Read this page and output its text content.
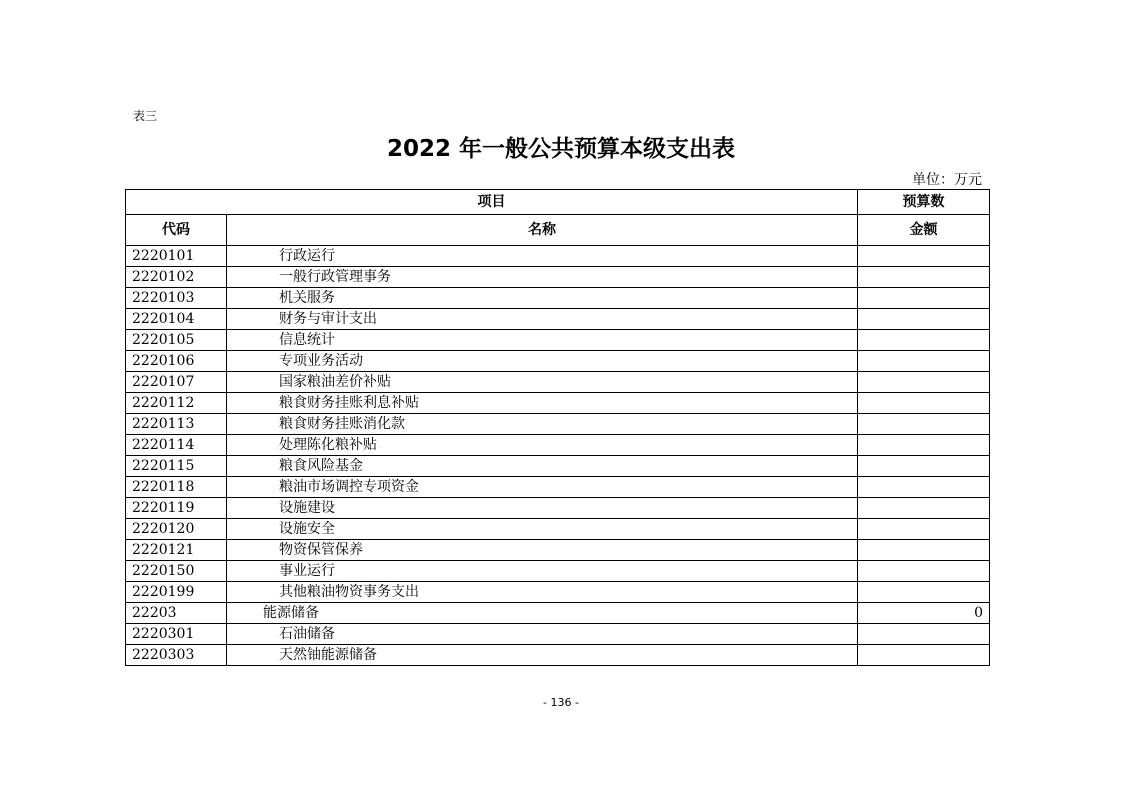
表三
2022 年一般公共预算本级支出表
单位：万元
项目		预算数
代码	名称	金额
2220101	行政运行	
2220102	一般行政管理事务	
2220103	机关服务	
2220104	财务与审计支出	
2220105	信息统计	
2220106	专项业务活动	
2220107	国家粮油差价补贴	
2220112	粮食财务挂账利息补贴	
2220113	粮食财务挂账消化款	
2220114	处理陈化粮补贴	
2220115	粮食风险基金	
2220118	粮油市场调控专项资金	
2220119	设施建设	
2220120	设施安全	
2220121	物资保管保养	
2220150	事业运行	
2220199	其他粮油物资事务支出	
22203	能源储备	0
2220301	石油储备	
2220303	天然铀能源储备	
- 136 -
